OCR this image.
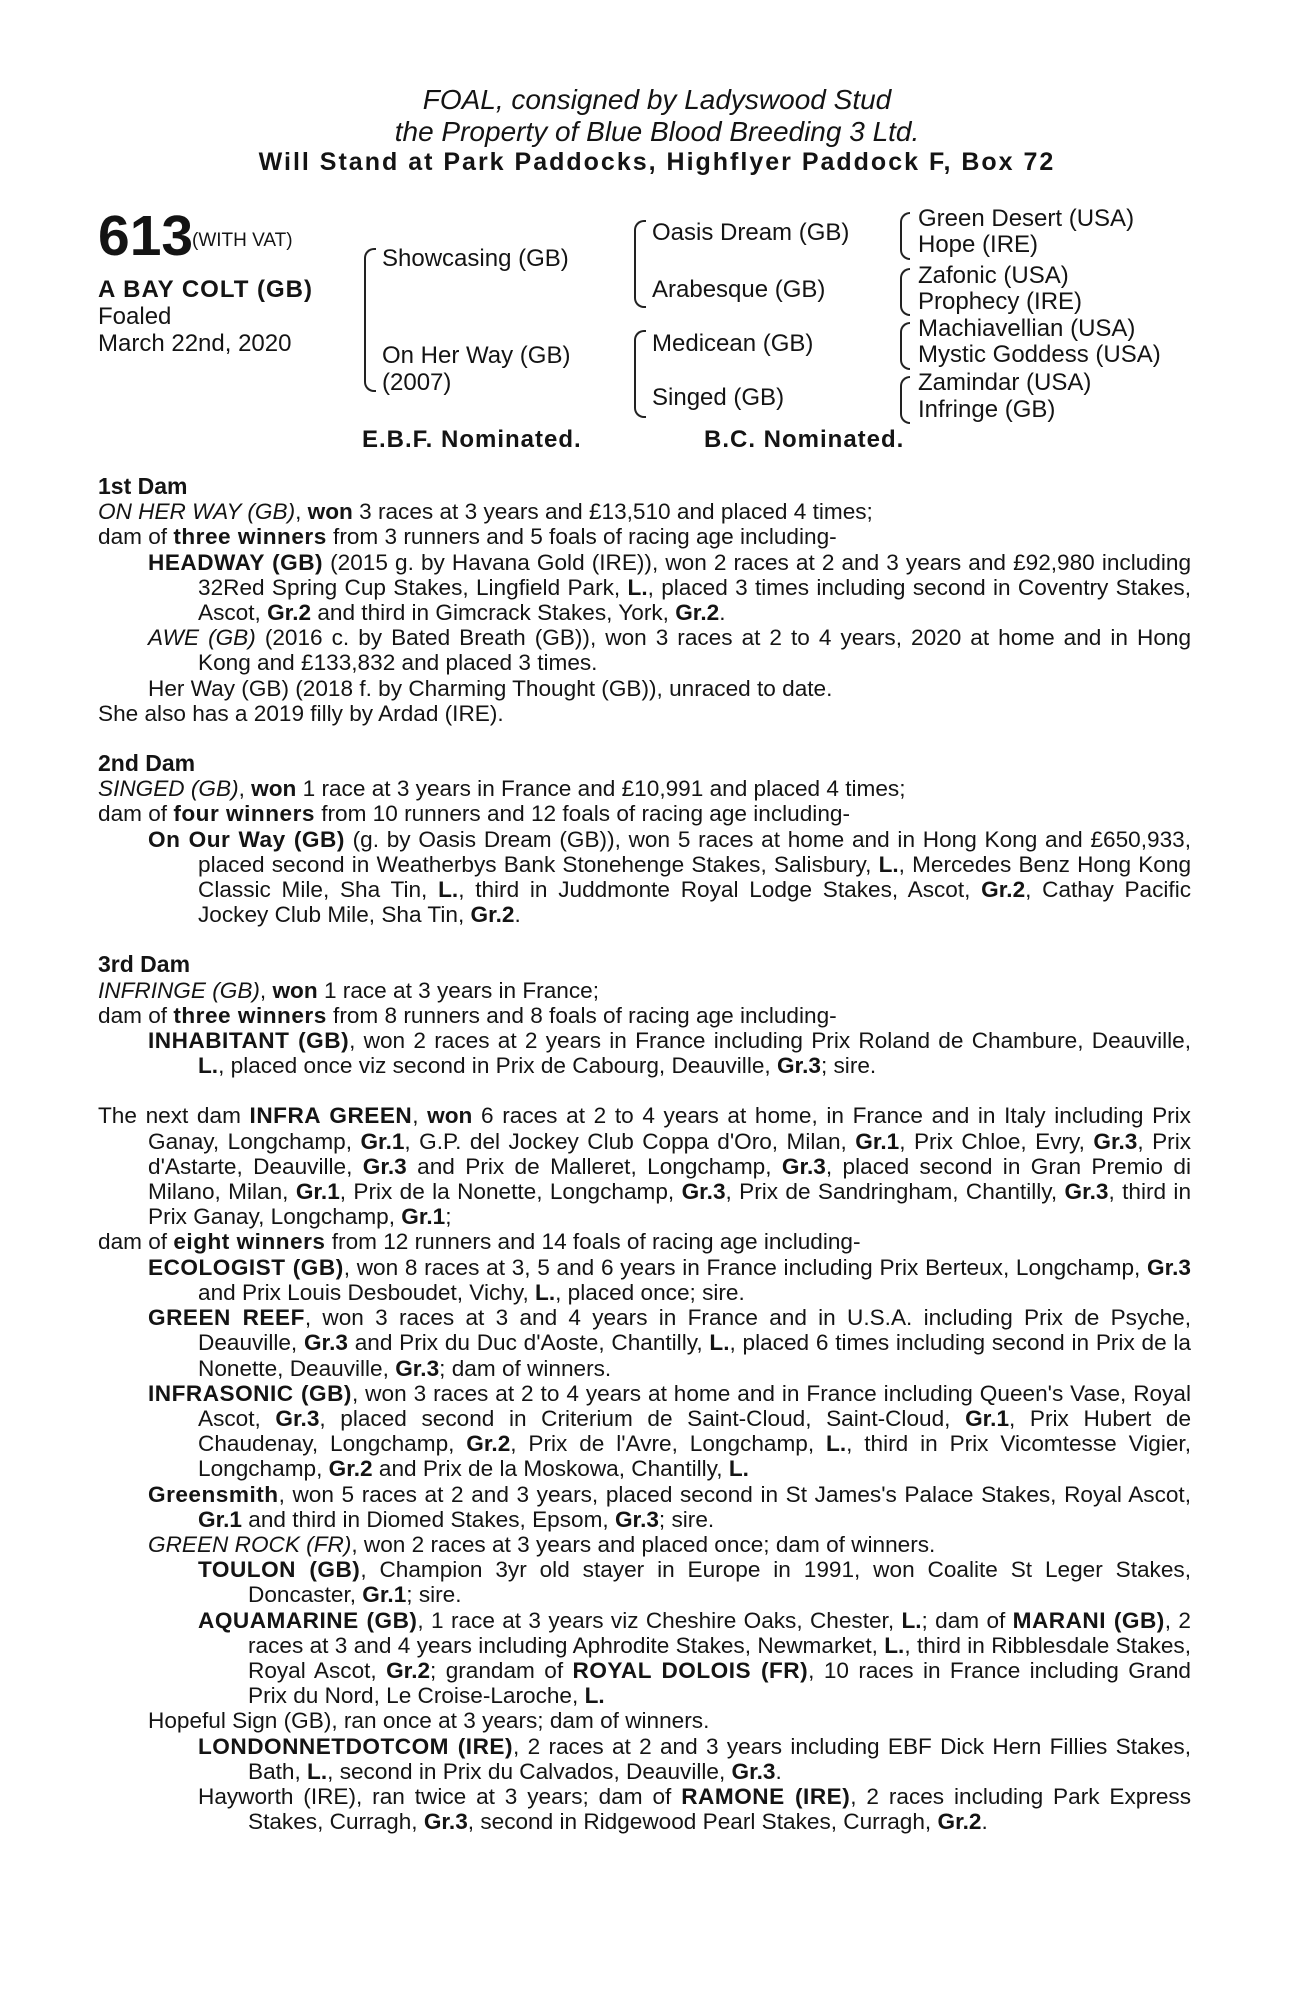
FOAL, consigned by Ladyswood Stud
the Property of Blue Blood Breeding 3 Ltd.
Will Stand at Park Paddocks, Highflyer Paddock F, Box 72
613
(WITH VAT)
A BAY COLT (GB)
Foaled
March 22nd, 2020
Showcasing (GB)
On Her Way (GB)
(2007)
Oasis Dream (GB)
Arabesque (GB)
Medicean (GB)
Singed (GB)
Green Desert (USA)
Hope (IRE)
Zafonic (USA)
Prophecy (IRE)
Machiavellian (USA)
Mystic Goddess (USA)
Zamindar (USA)
Infringe (GB)
E.B.F. Nominated.	B.C. Nominated.
1st Dam
ON HER WAY (GB), won 3 races at 3 years and £13,510 and placed 4 times;
dam of three winners from 3 runners and 5 foals of racing age including-
HEADWAY (GB) (2015 g. by Havana Gold (IRE)), won 2 races at 2 and 3 years and £92,980 including 32Red Spring Cup Stakes, Lingfield Park, L., placed 3 times including second in Coventry Stakes, Ascot, Gr.2 and third in Gimcrack Stakes, York, Gr.2.
AWE (GB) (2016 c. by Bated Breath (GB)), won 3 races at 2 to 4 years, 2020 at home and in Hong Kong and £133,832 and placed 3 times.
Her Way (GB) (2018 f. by Charming Thought (GB)), unraced to date.
She also has a 2019 filly by Ardad (IRE).
2nd Dam
SINGED (GB), won 1 race at 3 years in France and £10,991 and placed 4 times;
dam of four winners from 10 runners and 12 foals of racing age including-
On Our Way (GB) (g. by Oasis Dream (GB)), won 5 races at home and in Hong Kong and £650,933, placed second in Weatherbys Bank Stonehenge Stakes, Salisbury, L., Mercedes Benz Hong Kong Classic Mile, Sha Tin, L., third in Juddmonte Royal Lodge Stakes, Ascot, Gr.2, Cathay Pacific Jockey Club Mile, Sha Tin, Gr.2.
3rd Dam
INFRINGE (GB), won 1 race at 3 years in France;
dam of three winners from 8 runners and 8 foals of racing age including-
INHABITANT (GB), won 2 races at 2 years in France including Prix Roland de Chambure, Deauville, L., placed once viz second in Prix de Cabourg, Deauville, Gr.3; sire.
The next dam INFRA GREEN, won 6 races at 2 to 4 years at home, in France and in Italy including Prix Ganay, Longchamp, Gr.1, G.P. del Jockey Club Coppa d'Oro, Milan, Gr.1, Prix Chloe, Evry, Gr.3, Prix d'Astarte, Deauville, Gr.3 and Prix de Malleret, Longchamp, Gr.3, placed second in Gran Premio di Milano, Milan, Gr.1, Prix de la Nonette, Longchamp, Gr.3, Prix de Sandringham, Chantilly, Gr.3, third in Prix Ganay, Longchamp, Gr.1;
dam of eight winners from 12 runners and 14 foals of racing age including-
ECOLOGIST (GB), won 8 races at 3, 5 and 6 years in France including Prix Berteux, Longchamp, Gr.3 and Prix Louis Desboudet, Vichy, L., placed once; sire.
GREEN REEF, won 3 races at 3 and 4 years in France and in U.S.A. including Prix de Psyche, Deauville, Gr.3 and Prix du Duc d'Aoste, Chantilly, L., placed 6 times including second in Prix de la Nonette, Deauville, Gr.3; dam of winners.
INFRASONIC (GB), won 3 races at 2 to 4 years at home and in France including Queen's Vase, Royal Ascot, Gr.3, placed second in Criterium de Saint-Cloud, Saint-Cloud, Gr.1, Prix Hubert de Chaudenay, Longchamp, Gr.2, Prix de l'Avre, Longchamp, L., third in Prix Vicomtesse Vigier, Longchamp, Gr.2 and Prix de la Moskowa, Chantilly, L.
Greensmith, won 5 races at 2 and 3 years, placed second in St James's Palace Stakes, Royal Ascot, Gr.1 and third in Diomed Stakes, Epsom, Gr.3; sire.
GREEN ROCK (FR), won 2 races at 3 years and placed once; dam of winners.
TOULON (GB), Champion 3yr old stayer in Europe in 1991, won Coalite St Leger Stakes, Doncaster, Gr.1; sire.
AQUAMARINE (GB), 1 race at 3 years viz Cheshire Oaks, Chester, L.; dam of MARANI (GB), 2 races at 3 and 4 years including Aphrodite Stakes, Newmarket, L., third in Ribblesdale Stakes, Royal Ascot, Gr.2; grandam of ROYAL DOLOIS (FR), 10 races in France including Grand Prix du Nord, Le Croise-Laroche, L.
Hopeful Sign (GB), ran once at 3 years; dam of winners.
LONDONNETDOTCOM (IRE), 2 races at 2 and 3 years including EBF Dick Hern Fillies Stakes, Bath, L., second in Prix du Calvados, Deauville, Gr.3.
Hayworth (IRE), ran twice at 3 years; dam of RAMONE (IRE), 2 races including Park Express Stakes, Curragh, Gr.3, second in Ridgewood Pearl Stakes, Curragh, Gr.2.
